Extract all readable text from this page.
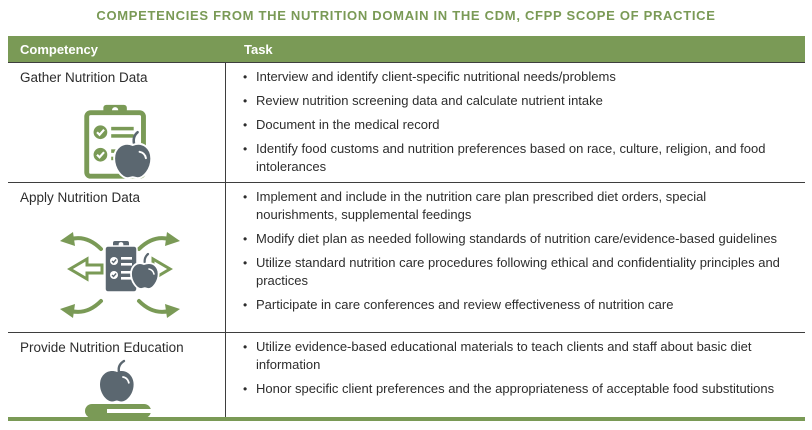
COMPETENCIES FROM THE NUTRITION DOMAIN IN THE CDM, CFPP SCOPE OF PRACTICE
Competency	Task
Gather Nutrition Data	• Interview and identify client-specific nutritional needs/problems
• Review nutrition screening data and calculate nutrient intake
• Document in the medical record
• Identify food customs and nutrition preferences based on race, culture, religion, and food intolerances
Apply Nutrition Data	• Implement and include in the nutrition care plan prescribed diet orders, special nourishments, supplemental feedings
• Modify diet plan as needed following standards of nutrition care/evidence-based guidelines
• Utilize standard nutrition care procedures following ethical and confidentiality principles and practices
• Participate in care conferences and review effectiveness of nutrition care
Provide Nutrition Education	• Utilize evidence-based educational materials to teach clients and staff about basic diet information
• Honor specific client preferences and the appropriateness of acceptable food substitutions
